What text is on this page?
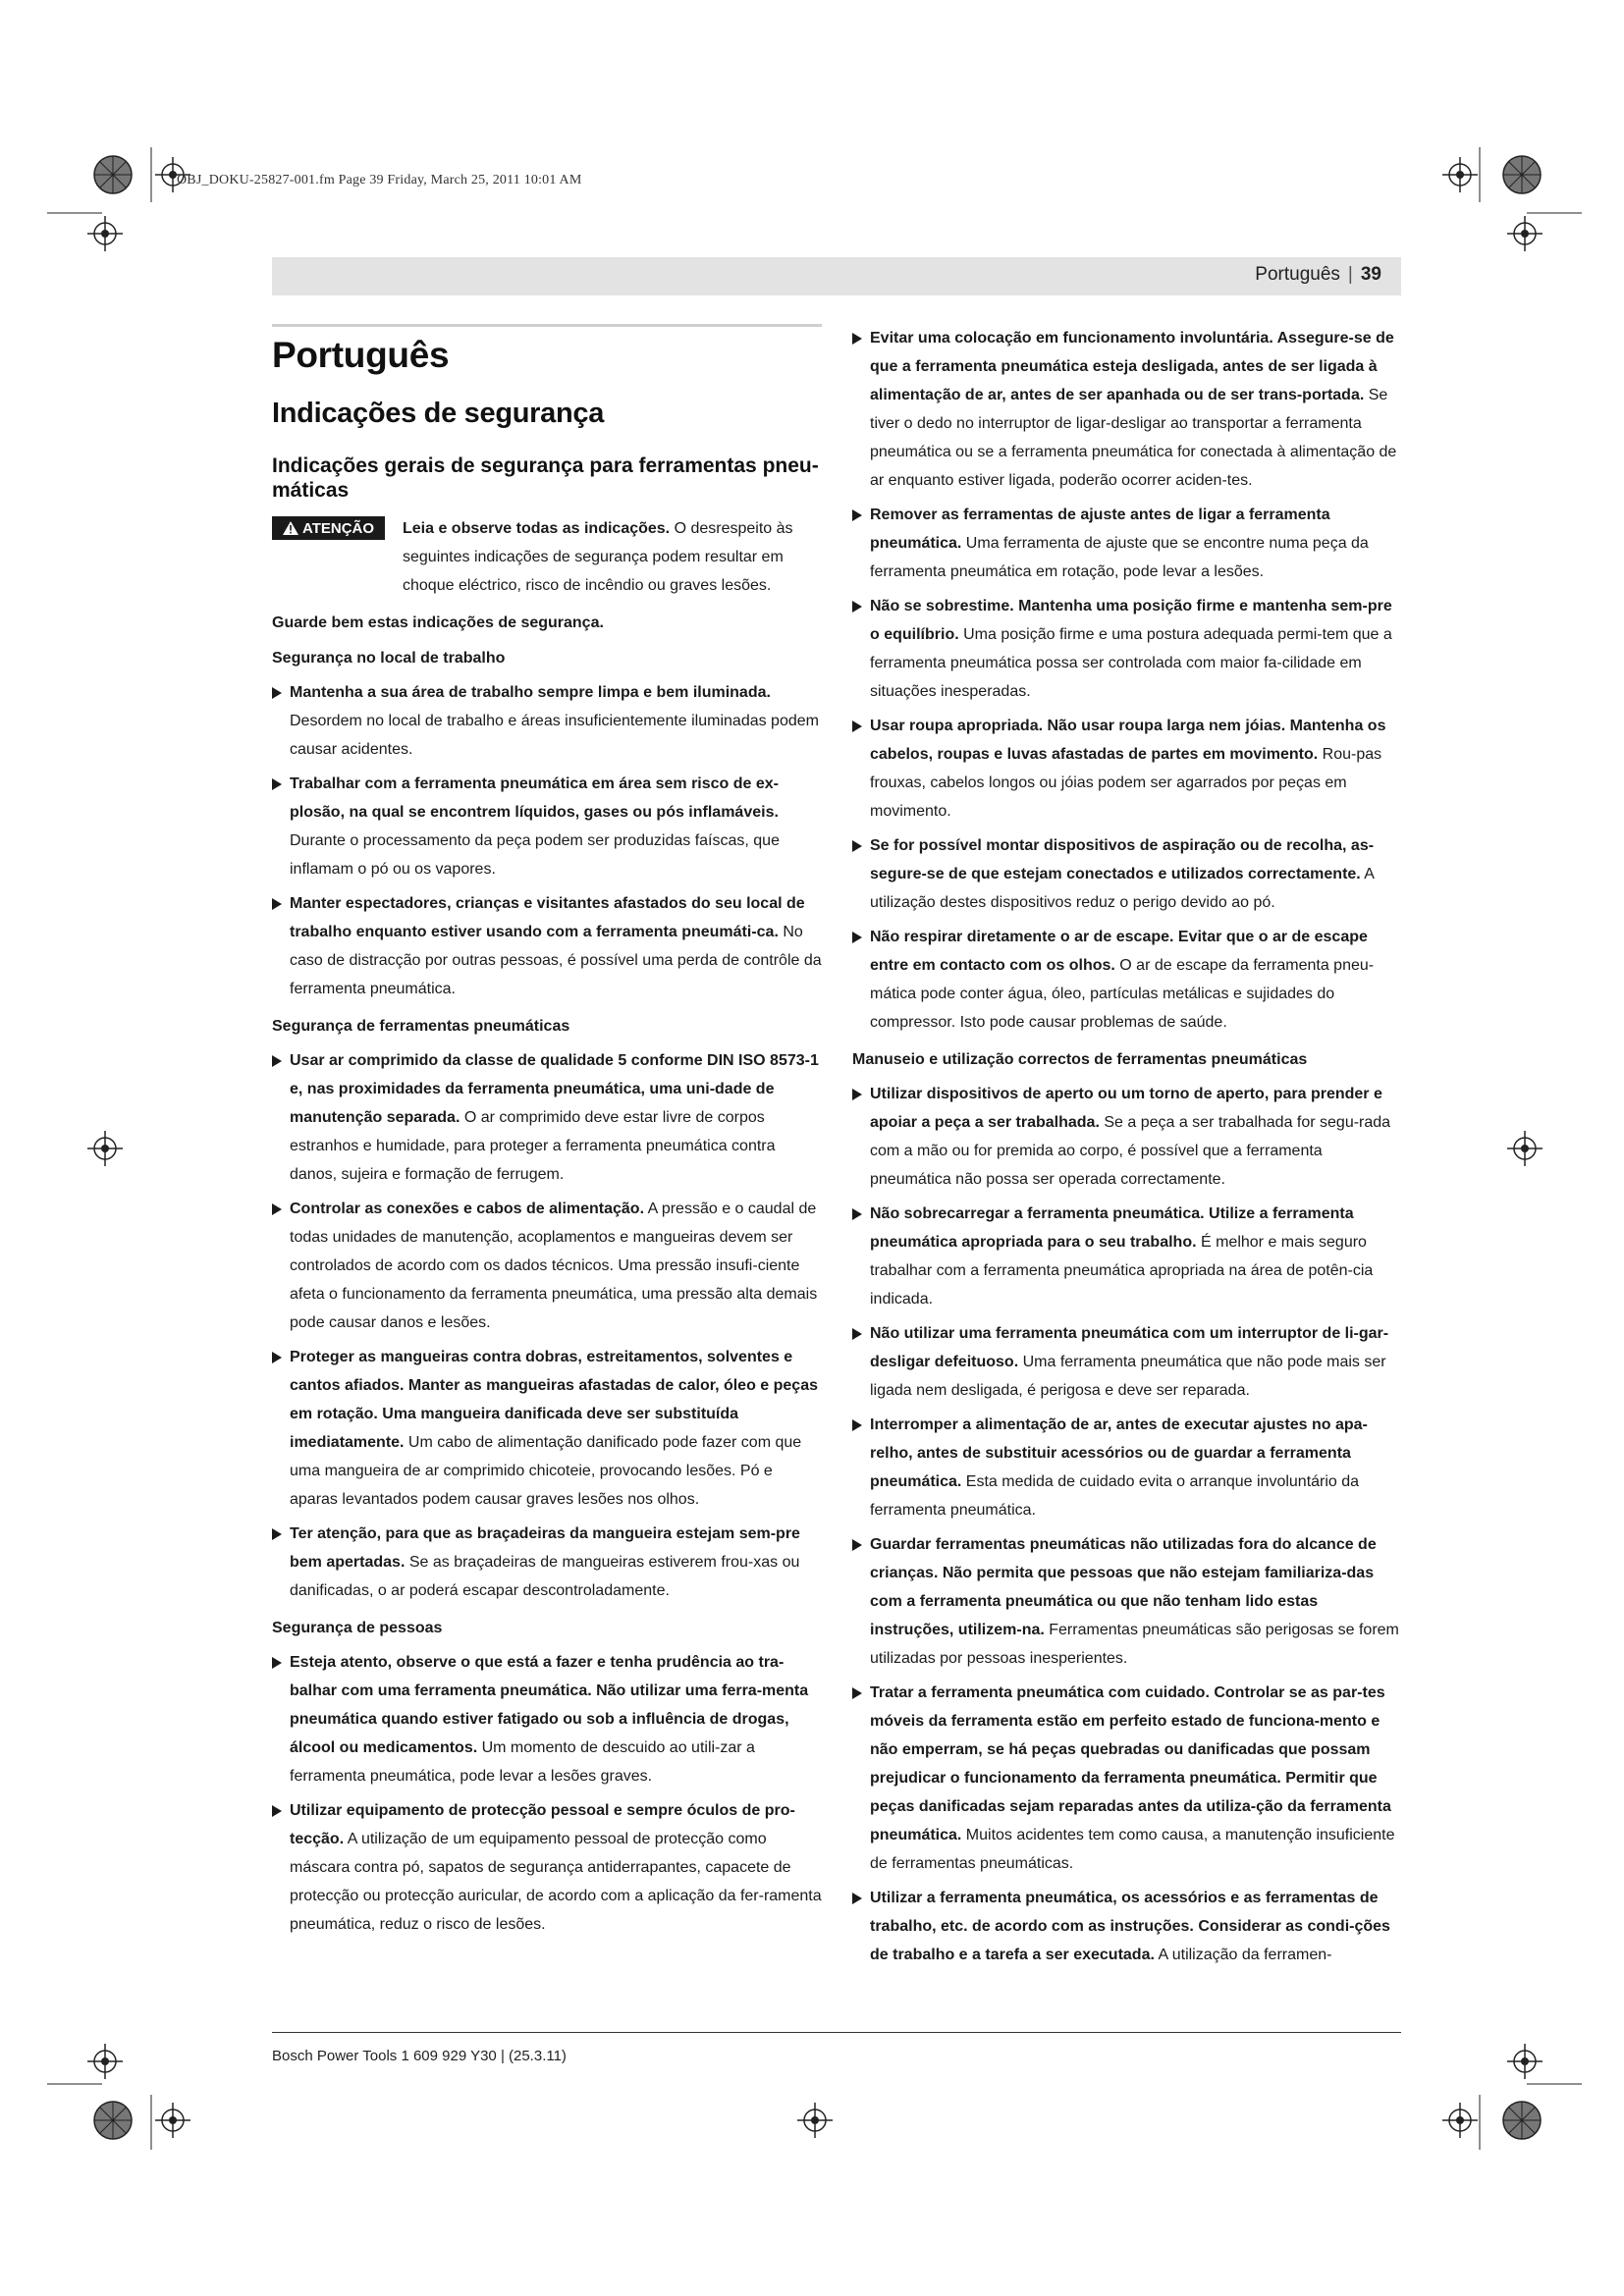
OBJ_DOKU-25827-001.fm Page 39 Friday, March 25, 2011 10:01 AM
Português | 39
Português
Indicações de segurança
Indicações gerais de segurança para ferramentas pneu-máticas
ATENÇÃO Leia e observe todas as indicações. O desrespeito às seguintes indicações de segurança podem resultar em choque eléctrico, risco de incêndio ou graves lesões.

Guarde bem estas indicações de segurança.
Segurança no local de trabalho

Mantenha a sua área de trabalho sempre limpa e bem iluminada. Desordem no local de trabalho e áreas insuficientemente iluminadas podem causar acidentes.

Trabalhar com a ferramenta pneumática em área sem risco de ex-plosão, na qual se encontrem líquidos, gases ou pós inflamáveis. Durante o processamento da peça podem ser produzidas faíscas, que inflamam o pó ou os vapores.

Manter espectadores, crianças e visitantes afastados do seu local de trabalho enquanto estiver usando com a ferramenta pneumáti-ca. No caso de distracção por outras pessoas, é possível uma perda de contrôle da ferramenta pneumática.

Segurança de ferramentas pneumáticas

Usar ar comprimido da classe de qualidade 5 conforme DIN ISO 8573-1 e, nas proximidades da ferramenta pneumática, uma uni-dade de manutenção separada. O ar comprimido deve estar livre de corpos estranhos e humidade, para proteger a ferramenta pneumática contra danos, sujeira e formação de ferrugem.

Controlar as conexões e cabos de alimentação. A pressão e o caudal de todas unidades de manutenção, acoplamentos e mangueiras devem ser controlados de acordo com os dados técnicos. Uma pressão insufi-ciente afeta o funcionamento da ferramenta pneumática, uma pressão alta demais pode causar danos e lesões.

Proteger as mangueiras contra dobras, estreitamentos, solventes e cantos afiados. Manter as mangueiras afastadas de calor, óleo e peças em rotação. Uma mangueira danificada deve ser substituída imediatamente. Um cabo de alimentação danificado pode fazer com que uma mangueira de ar comprimido chicoteie, provocando lesões. Pó e aparas levantados podem causar graves lesões nos olhos.

Ter atenção, para que as braçadeiras da mangueira estejam sem-pre bem apertadas. Se as braçadeiras de mangueiras estiverem frou-xas ou danificadas, o ar poderá escapar descontroladamente.

Segurança de pessoas

Esteja atento, observe o que está a fazer e tenha prudência ao tra-balhar com uma ferramenta pneumática. Não utilizar uma ferra-menta pneumática quando estiver fatigado ou sob a influência de drogas, álcool ou medicamentos. Um momento de descuido ao utili-zar a ferramenta pneumática, pode levar a lesões graves.

Utilizar equipamento de protecção pessoal e sempre óculos de pro-tecção. A utilização de um equipamento pessoal de protecção como máscara contra pó, sapatos de segurança antiderrapantes, capacete de protecção ou protecção auricular, de acordo com a aplicação da fer-ramenta pneumática, reduz o risco de lesões.

Evitar uma colocação em funcionamento involuntária. Assegure-se de que a ferramenta pneumática esteja desligada, antes de ser ligada à alimentação de ar, antes de ser apanhada ou de ser trans-portada. Se tiver o dedo no interruptor de ligar-desligar ao transportar a ferramenta pneumática ou se a ferramenta pneumática for conectada à alimentação de ar enquanto estiver ligada, poderão ocorrer aciden-tes.

Remover as ferramentas de ajuste antes de ligar a ferramenta pneumática. Uma ferramenta de ajuste que se encontre numa peça da ferramenta pneumática em rotação, pode levar a lesões.

Não se sobrestime. Mantenha uma posição firme e mantenha sem-pre o equilíbrio. Uma posição firme e uma postura adequada permi-tem que a ferramenta pneumática possa ser controlada com maior fa-cilidade em situações inesperadas.

Usar roupa apropriada. Não usar roupa larga nem jóias. Mantenha os cabelos, roupas e luvas afastadas de partes em movimento. Rou-pas frouxas, cabelos longos ou jóias podem ser agarrados por peças em movimento.

Se for possível montar dispositivos de aspiração ou de recolha, as-segure-se de que estejam conectados e utilizados correctamente. A utilização destes dispositivos reduz o perigo devido ao pó.

Não respirar diretamente o ar de escape. Evitar que o ar de escape entre em contacto com os olhos. O ar de escape da ferramenta pneu-mática pode conter água, óleo, partículas metálicas e sujidades do compressor. Isto pode causar problemas de saúde.

Manuseio e utilização correctos de ferramentas pneumáticas

Utilizar dispositivos de aperto ou um torno de aperto, para prender e apoiar a peça a ser trabalhada. Se a peça a ser trabalhada for segu-rada com a mão ou for premida ao corpo, é possível que a ferramenta pneumática não possa ser operada correctamente.

Não sobrecarregar a ferramenta pneumática. Utilize a ferramenta pneumática apropriada para o seu trabalho. É melhor e mais seguro trabalhar com a ferramenta pneumática apropriada na área de potên-cia indicada.

Não utilizar uma ferramenta pneumática com um interruptor de li-gar-desligar defeituoso. Uma ferramenta pneumática que não pode mais ser ligada nem desligada, é perigosa e deve ser reparada.

Interromper a alimentação de ar, antes de executar ajustes no apa-relho, antes de substituir acessórios ou de guardar a ferramenta pneumática. Esta medida de cuidado evita o arranque involuntário da ferramenta pneumática.

Guardar ferramentas pneumáticas não utilizadas fora do alcance de crianças. Não permita que pessoas que não estejam familiariza-das com a ferramenta pneumática ou que não tenham lido estas instruções, utilizem-na. Ferramentas pneumáticas são perigosas se forem utilizadas por pessoas inesperientes.

Tratar a ferramenta pneumática com cuidado. Controlar se as par-tes móveis da ferramenta estão em perfeito estado de funciona-mento e não emperram, se há peças quebradas ou danificadas que possam prejudicar o funcionamento da ferramenta pneumática. Permitir que peças danificadas sejam reparadas antes da utiliza-ção da ferramenta pneumática. Muitos acidentes tem como causa, a manutenção insuficiente de ferramentas pneumáticas.

Utilizar a ferramenta pneumática, os acessórios e as ferramentas de trabalho, etc. de acordo com as instruções. Considerar as condi-ções de trabalho e a tarefa a ser executada. A utilização da ferramen-

Bosch Power Tools 1 609 929 Y30 | (25.3.11)
